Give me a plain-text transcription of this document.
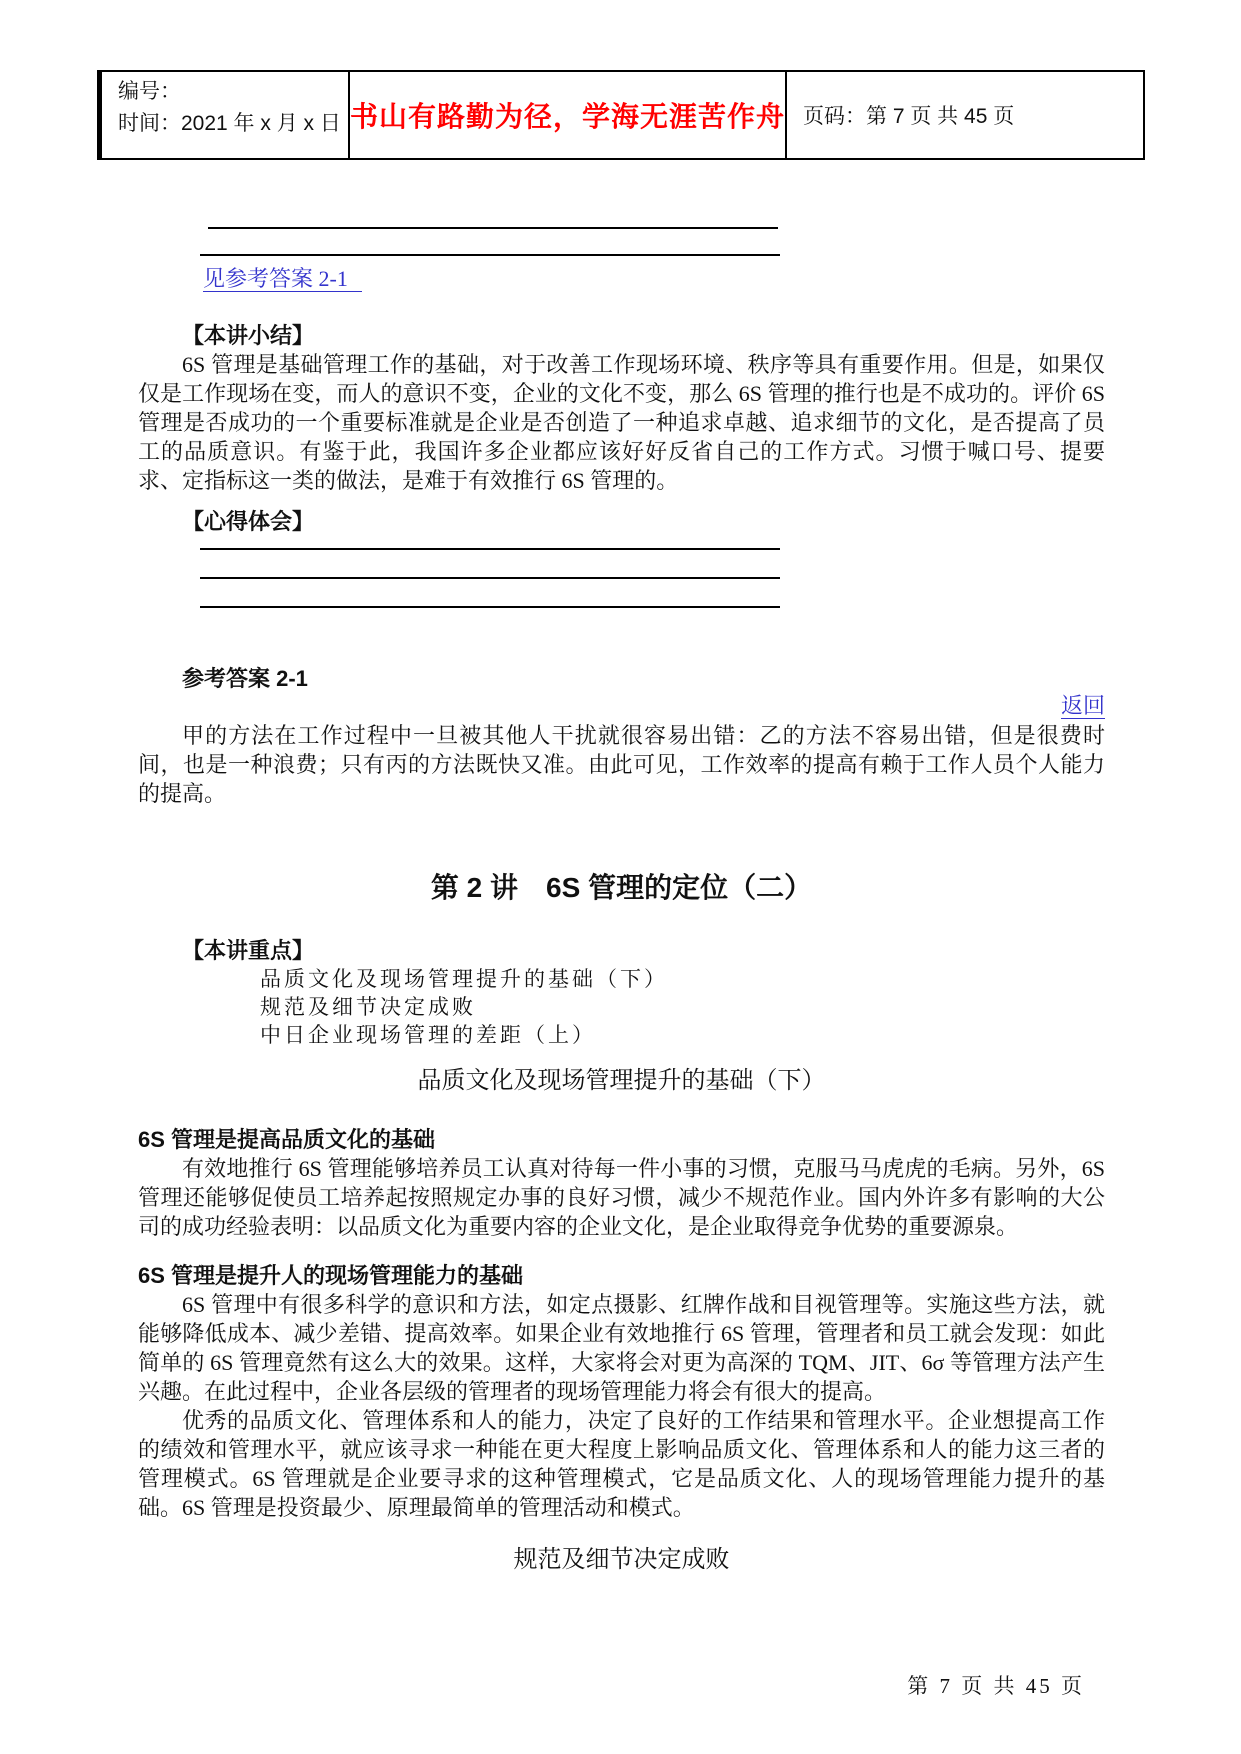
编号：
时间：2021 年 x 月 x 日 书山有路勤为径，学海无涯苦作舟 页码：第 7 页 共 45 页
见参考答案 2-1
【本讲小结】

6S 管理是基础管理工作的基础，对于改善工作现场环境、秩序等具有重要作用。但是，如果仅仅是工作现场在变，而人的意识不变，企业的文化不变，那么 6S 管理的推行也是不成功的。评价 6S 管理是否成功的一个重要标准就是企业是否创造了一种追求卓越、追求细节的文化，是否提高了员工的品质意识。有鉴于此，我国许多企业都应该好好反省自己的工作方式。习惯于喊口号、提要求、定指标这一类的做法，是难于有效推行 6S 管理的。

【心得体会】
参考答案 2-1
返回

甲的方法在工作过程中一旦被其他人干扰就很容易出错：乙的方法不容易出错，但是很费时间，也是一种浪费；只有丙的方法既快又准。由此可见，工作效率的提高有赖于工作人员个人能力的提高。

第 2 讲　6S 管理的定位（二）
【本讲重点】
品质文化及现场管理提升的基础（下）
规范及细节决定成败
中日企业现场管理的差距（上）
品质文化及现场管理提升的基础（下）
6S 管理是提高品质文化的基础

有效地推行 6S 管理能够培养员工认真对待每一件小事的习惯，克服马马虎虎的毛病。另外，6S 管理还能够促使员工培养起按照规定办事的良好习惯，减少不规范作业。国内外许多有影响的大公司的成功经验表明：以品质文化为重要内容的企业文化，是企业取得竞争优势的重要源泉。

6S 管理是提升人的现场管理能力的基础

6S 管理中有很多科学的意识和方法，如定点摄影、红牌作战和目视管理等。实施这些方法，就能够降低成本、减少差错、提高效率。如果企业有效地推行 6S 管理，管理者和员工就会发现：如此简单的 6S 管理竟然有这么大的效果。这样，大家将会对更为高深的 TQM、JIT、6σ 等管理方法产生兴趣。在此过程中，企业各层级的管理者的现场管理能力将会有很大的提高。

优秀的品质文化、管理体系和人的能力，决定了良好的工作结果和管理水平。企业想提高工作的绩效和管理水平，就应该寻求一种能在更大程度上影响品质文化、管理体系和人的能力这三者的管理模式。6S 管理就是企业要寻求的这种管理模式，它是品质文化、人的现场管理能力提升的基础。6S 管理是投资最少、原理最简单的管理活动和模式。

规范及细节决定成败
第 7 页 共 45 页
